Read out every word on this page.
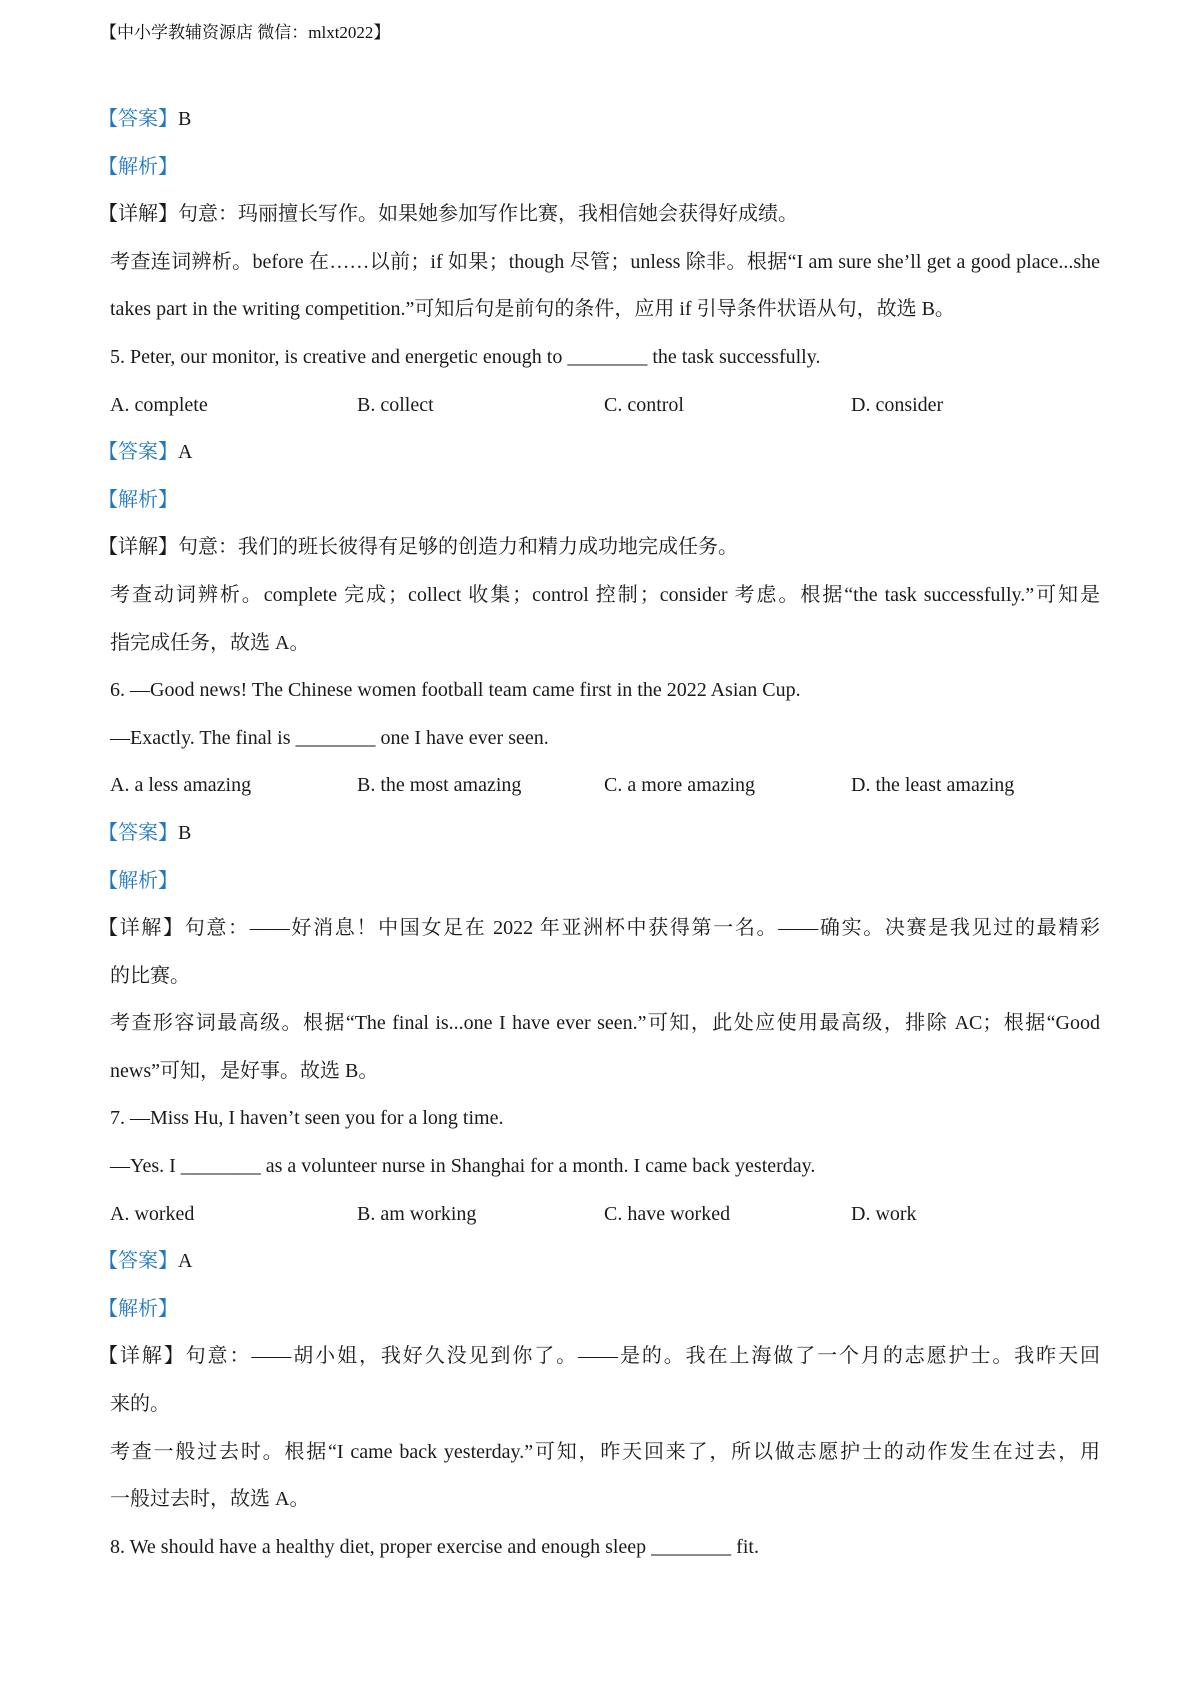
【中小学教辅资源店 微信：mlxt2022】
【答案】B
【解析】
【详解】句意：玛丽擅长写作。如果她参加写作比赛，我相信她会获得好成绩。
考查连词辨析。before 在……以前；if 如果；though 尽管；unless 除非。根据“I am sure she’ll get a good place...she
takes part in the writing competition.”可知后句是前句的条件，应用 if 引导条件状语从句，故选 B。
5. Peter, our monitor, is creative and energetic enough to ________ the task successfully.
A. complete	B. collect	C. control	D. consider
【答案】A
【解析】
【详解】句意：我们的班长彼得有足够的创造力和精力成功地完成任务。
考查动词辨析。complete 完成；collect 收集；control 控制；consider 考虑。根据“the task successfully.”可知是
指完成任务，故选 A。
6. —Good news! The Chinese women football team came first in the 2022 Asian Cup.
—Exactly. The final is ________ one I have ever seen.
A. a less amazing	B. the most amazing	C. a more amazing	D. the least amazing
【答案】B
【解析】
【详解】句意：——好消息！中国女足在 2022 年亚洲杯中获得第一名。——确实。决赛是我见过的最精彩
的比赛。
考查形容词最高级。根据“The final is...one I have ever seen.”可知，此处应使用最高级，排除 AC；根据“Good
news”可知，是好事。故选 B。
7. —Miss Hu, I haven’t seen you for a long time.
—Yes. I ________ as a volunteer nurse in Shanghai for a month. I came back yesterday.
A. worked	B. am working	C. have worked	D. work
【答案】A
【解析】
【详解】句意：——胡小姐，我好久没见到你了。——是的。我在上海做了一个月的志愿护士。我昨天回
来的。
考查一般过去时。根据“I came back yesterday.”可知，昨天回来了，所以做志愿护士的动作发生在过去，用
一般过去时，故选 A。
8. We should have a healthy diet, proper exercise and enough sleep ________ fit.
